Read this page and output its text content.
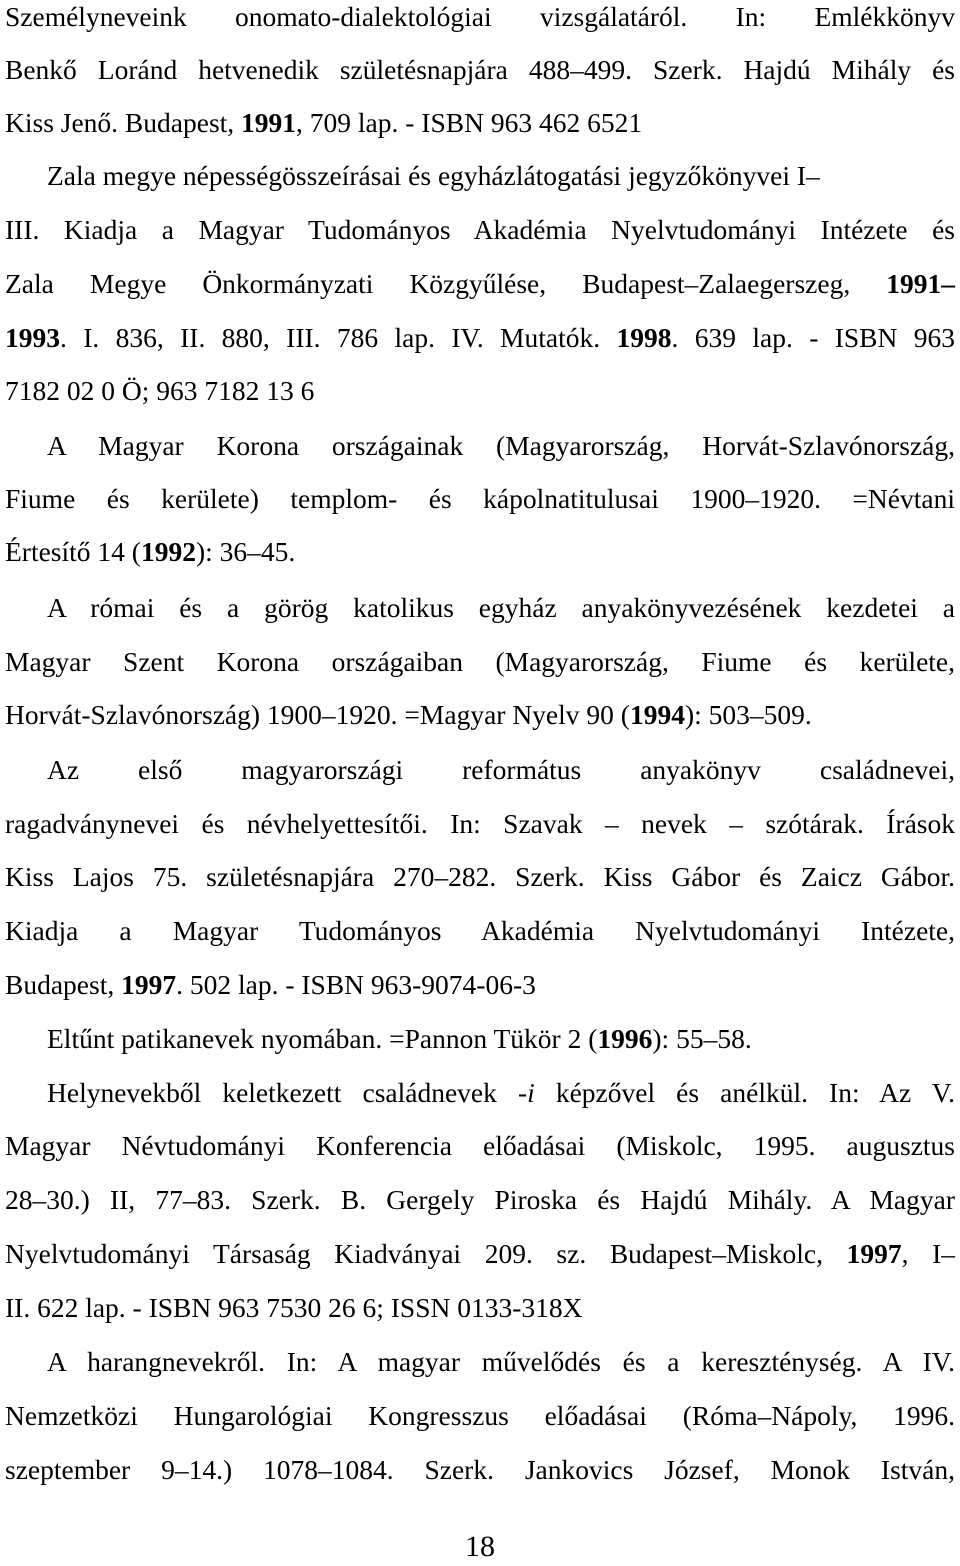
Személyneveink onomato-dialektológiai vizsgálatáról. In: Emlékkönyv
Benkő Loránd hetvenedik születésnapjára 488–499. Szerk. Hajdú Mihály és
Kiss Jenő. Budapest, 1991, 709 lap. - ISBN 963 462 6521
Zala megye népességösszeírásai és egyházlátogatási jegyzőkönyvei I–
III. Kiadja a Magyar Tudományos Akadémia Nyelvtudományi Intézete és
Zala Megye Önkormányzati Közgyűlése, Budapest–Zalaegerszeg, 1991–
1993. I. 836, II. 880, III. 786 lap. IV. Mutatók. 1998. 639 lap. - ISBN 963
7182 02 0 Ö; 963 7182 13 6
A Magyar Korona országainak (Magyarország, Horvát-Szlavónország,
Fiume és kerülete) templom- és kápolnatitulusai 1900–1920. =Névtani
Értesítő 14 (1992): 36–45.
A római és a görög katolikus egyház anyakönyvezésének kezdetei a
Magyar Szent Korona országaiban (Magyarország, Fiume és kerülete,
Horvát-Szlavónország) 1900–1920. =Magyar Nyelv 90 (1994): 503–509.
Az első magyarországi református anyakönyv családnevei,
ragadványnevei és névhelyettesítői. In: Szavak – nevek – szótárak. Írások
Kiss Lajos 75. születésnapjára 270–282. Szerk. Kiss Gábor és Zaicz Gábor.
Kiadja a Magyar Tudományos Akadémia Nyelvtudományi Intézete,
Budapest, 1997. 502 lap. - ISBN 963-9074-06-3
Eltűnt patikanevek nyomában. =Pannon Tükör 2 (1996): 55–58.
Helynevekből keletkezett családnevek -i képzővel és anélkül. In: Az V.
Magyar Névtudományi Konferencia előadásai (Miskolc, 1995. augusztus
28–30.) II, 77–83. Szerk. B. Gergely Piroska és Hajdú Mihály. A Magyar
Nyelvtudományi Társaság Kiadványai 209. sz. Budapest–Miskolc, 1997, I–
II. 622 lap. - ISBN 963 7530 26 6; ISSN 0133-318X
A harangnevekről. In: A magyar művelődés és a kereszténység. A IV.
Nemzetközi Hungarológiai Kongresszus előadásai (Róma–Nápoly, 1996.
szeptember 9–14.) 1078–1084. Szerk. Jankovics József, Monok István,
18
